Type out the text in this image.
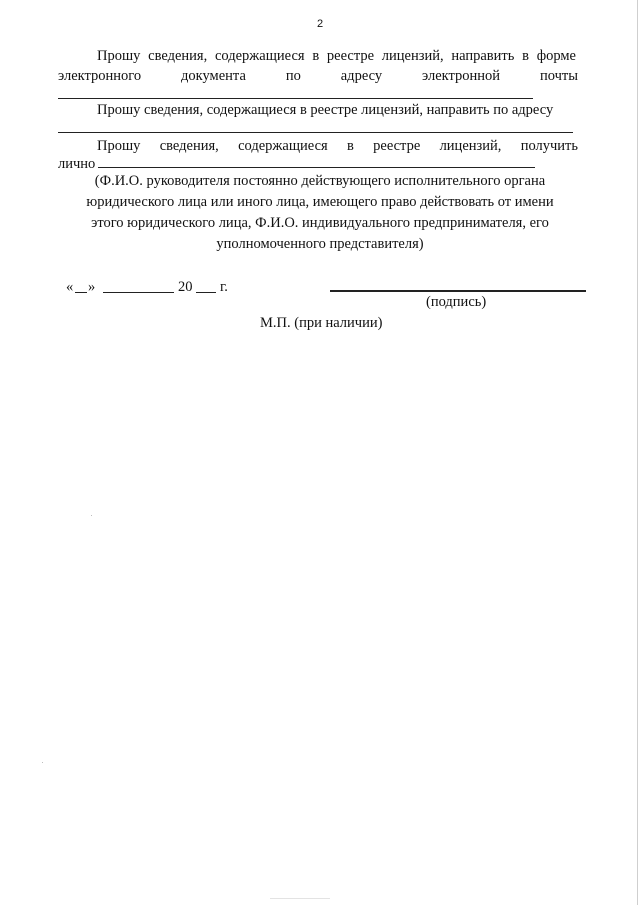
2
Прошу сведения, содержащиеся в реестре лицензий, направить в форме
электронного	документа	по	адресу	электронной	почты
Прошу сведения, содержащиеся в реестре лицензий, направить по адресу
Прошу сведения, содержащиеся в реестре лицензий, получить
лично
(Ф.И.О. руководителя постоянно действующего исполнительного органа
юридического лица или иного лица, имеющего право действовать от имени
этого юридического лица, Ф.И.О. индивидуального предпринимателя, его
уполномоченного представителя)
« »	20 г.
(подпись)
М.П. (при наличии)
